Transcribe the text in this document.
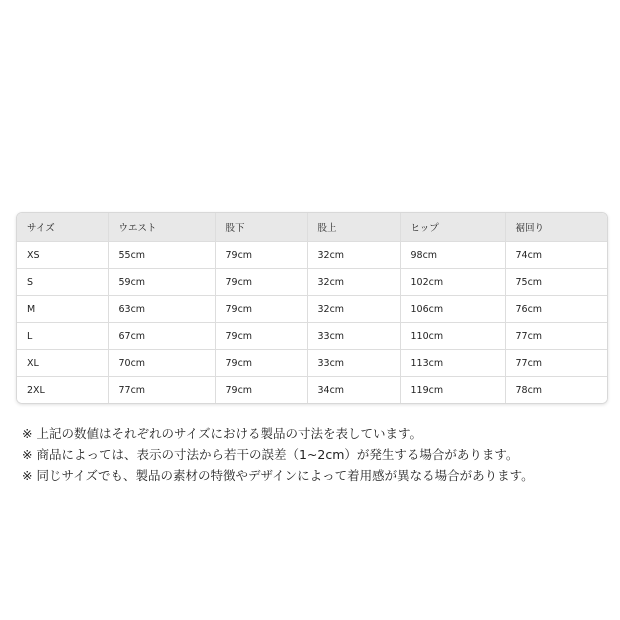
サイズ	ウエスト	股下	股上	ヒップ	裾回り
XS	55cm	79cm	32cm	98cm	74cm
S	59cm	79cm	32cm	102cm	75cm
M	63cm	79cm	32cm	106cm	76cm
L	67cm	79cm	33cm	110cm	77cm
XL	70cm	79cm	33cm	113cm	77cm
2XL	77cm	79cm	34cm	119cm	78cm
※ 上記の数値はそれぞれのサイズにおける製品の寸法を表しています。
※ 商品によっては、表示の寸法から若干の誤差（1~2cm）が発生する場合があります。
※ 同じサイズでも、製品の素材の特徴やデザインによって着用感が異なる場合があります。
